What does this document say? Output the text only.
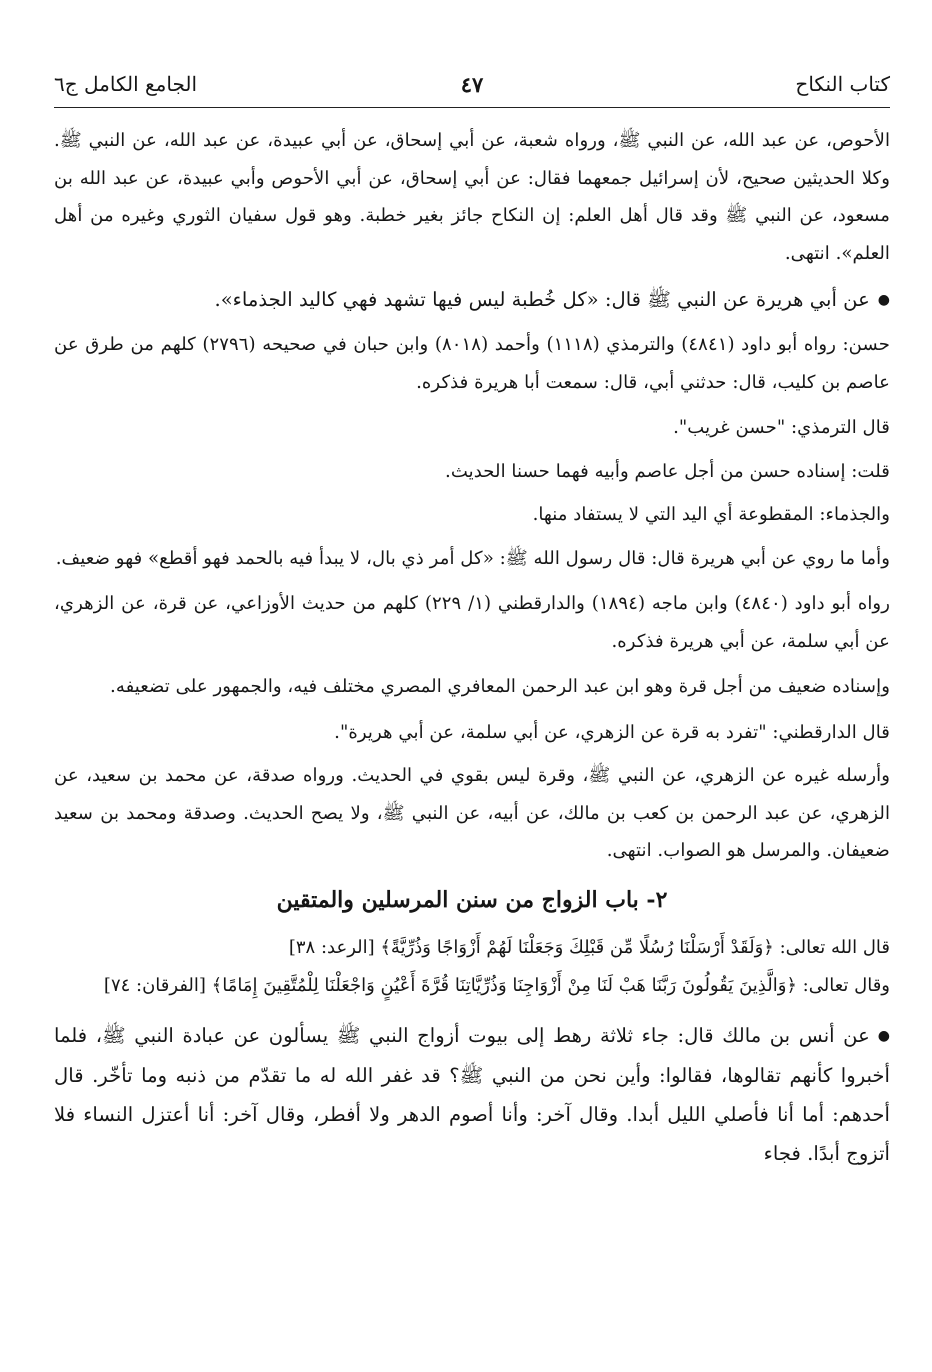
كتاب النكاح
٤٧
الجامع الكامل ج٦

الأحوص، عن عبد الله، عن النبي ﷺ، ورواه شعبة، عن أبي إسحاق، عن أبي عبيدة، عن عبد الله، عن النبي ﷺ. وكلا الحديثين صحيح، لأن إسرائيل جمعهما فقال: عن أبي إسحاق، عن أبي الأحوص وأبي عبيدة، عن عبد الله بن مسعود، عن النبي ﷺ وقد قال أهل العلم: إن النكاح جائز بغير خطبة. وهو قول سفيان الثوري وغيره من أهل العلم». انتهى.

●عن أبي هريرة عن النبي ﷺ قال: «كل خُطبة ليس فيها تشهد فهي كاليد الجذماء».

حسن: رواه أبو داود (٤٨٤١) والترمذي (١١١٨) وأحمد (٨٠١٨) وابن حبان في صحيحه (٢٧٩٦) كلهم من طرق عن عاصم بن كليب، قال: حدثني أبي، قال: سمعت أبا هريرة فذكره.

قال الترمذي: "حسن غريب".

قلت: إسناده حسن من أجل عاصم وأبيه فهما حسنا الحديث.

والجذماء: المقطوعة أي اليد التي لا يستفاد منها.

وأما ما روي عن أبي هريرة قال: قال رسول الله ﷺ: «كل أمر ذي بال، لا يبدأ فيه بالحمد فهو أقطع» فهو ضعيف.

رواه أبو داود (٤٨٤٠) وابن ماجه (١٨٩٤) والدارقطني (١/ ٢٢٩) كلهم من حديث الأوزاعي، عن قرة، عن الزهري، عن أبي سلمة، عن أبي هريرة فذكره.

وإسناده ضعيف من أجل قرة وهو ابن عبد الرحمن المعافري المصري مختلف فيه، والجمهور على تضعيفه.

قال الدارقطني: "تفرد به قرة عن الزهري، عن أبي سلمة، عن أبي هريرة".

وأرسله غيره عن الزهري، عن النبي ﷺ، وقرة ليس بقوي في الحديث. ورواه صدقة، عن محمد بن سعيد، عن الزهري، عن عبد الرحمن بن كعب بن مالك، عن أبيه، عن النبي ﷺ، ولا يصح الحديث. وصدقة ومحمد بن سعيد ضعيفان. والمرسل هو الصواب. انتهى.

٢- باب الزواج من سنن المرسلين والمتقين

قال الله تعالى: ﴿وَلَقَدْ أَرْسَلْنَا رُسُلًا مِّن قَبْلِكَ وَجَعَلْنَا لَهُمْ أَزْوَاجًا وَذُرِّيَّةً﴾ [الرعد: ٣٨]

وقال تعالى: ﴿وَالَّذِينَ يَقُولُونَ رَبَّنَا هَبْ لَنَا مِنْ أَزْوَاجِنَا وَذُرِّيَّاتِنَا قُرَّةَ أَعْيُنٍ وَاجْعَلْنَا لِلْمُتَّقِينَ إِمَامًا﴾ [الفرقان: ٧٤]

●عن أنس بن مالك قال: جاء ثلاثة رهط إلى بيوت أزواج النبي ﷺ يسألون عن عبادة النبي ﷺ، فلما أخبروا كأنهم تقالوها، فقالوا: وأين نحن من النبي ﷺ؟ قد غفر الله له ما تقدّم من ذنبه وما تأخّر. قال أحدهم: أما أنا فأصلي الليل أبدا. وقال آخر: وأنا أصوم الدهر ولا أفطر، وقال آخر: أنا أعتزل النساء فلا أتزوج أبدًا. فجاء
